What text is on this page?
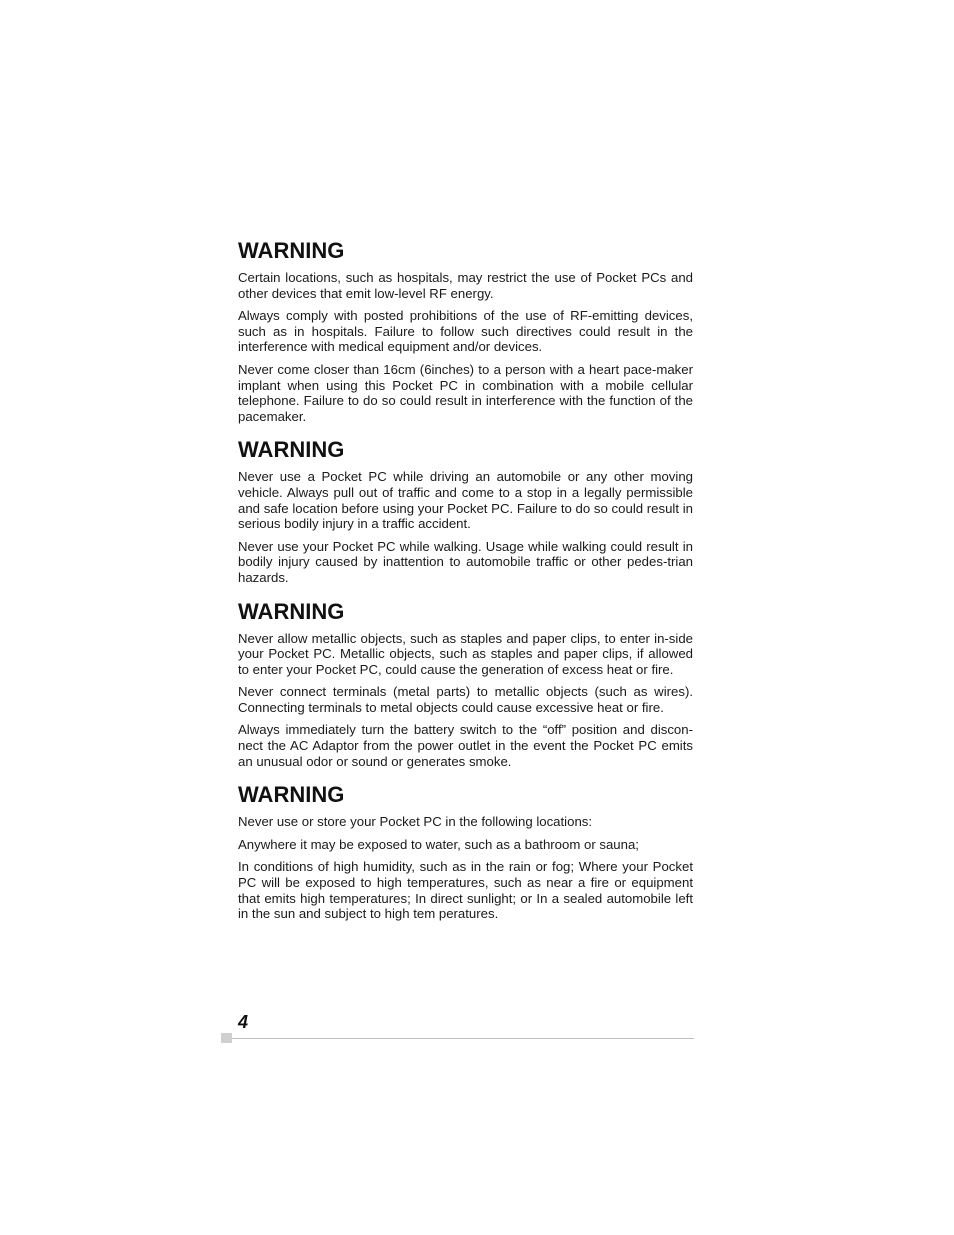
WARNING

Certain locations, such as hospitals, may restrict the use of Pocket PCs and other devices that emit low-level RF energy.

Always comply with posted prohibitions of the use of RF-emitting devices, such as in hospitals. Failure to follow such directives could result in the interference with medical equipment and/or devices.

Never come closer than 16cm (6inches) to a person with a heart pace-maker implant when using this Pocket PC in combination with a mobile cellular telephone. Failure to do so could result in interference with the function of the pacemaker.

WARNING

Never use a Pocket PC while driving an automobile or any other moving vehicle. Always pull out of traffic and come to a stop in a legally permissible and safe location before using your Pocket PC. Failure to do so could result in serious bodily injury in a traffic accident.

Never use your Pocket PC while walking. Usage while walking could result in bodily injury caused by inattention to automobile traffic or other pedes-trian hazards.

WARNING

Never allow metallic objects, such as staples and paper clips, to enter in-side your Pocket PC. Metallic objects, such as staples and paper clips, if allowed to enter your Pocket PC, could cause the generation of excess heat or fire.

Never connect terminals (metal parts) to metallic objects (such as wires). Connecting terminals to metal objects could cause excessive heat or fire.

Always immediately turn the battery switch to the “off” position and discon-nect the AC Adaptor from the power outlet in the event the Pocket PC emits an unusual odor or sound or generates smoke.

WARNING

Never use or store your Pocket PC in the following locations:

Anywhere it may be exposed to water, such as a bathroom or sauna;

In conditions of high humidity, such as in the rain or fog; Where your Pocket PC will be exposed to high temperatures, such as near a fire or equipment that emits high temperatures; In direct sunlight; or In a sealed automobile left in the sun and subject to high tem peratures.

4
